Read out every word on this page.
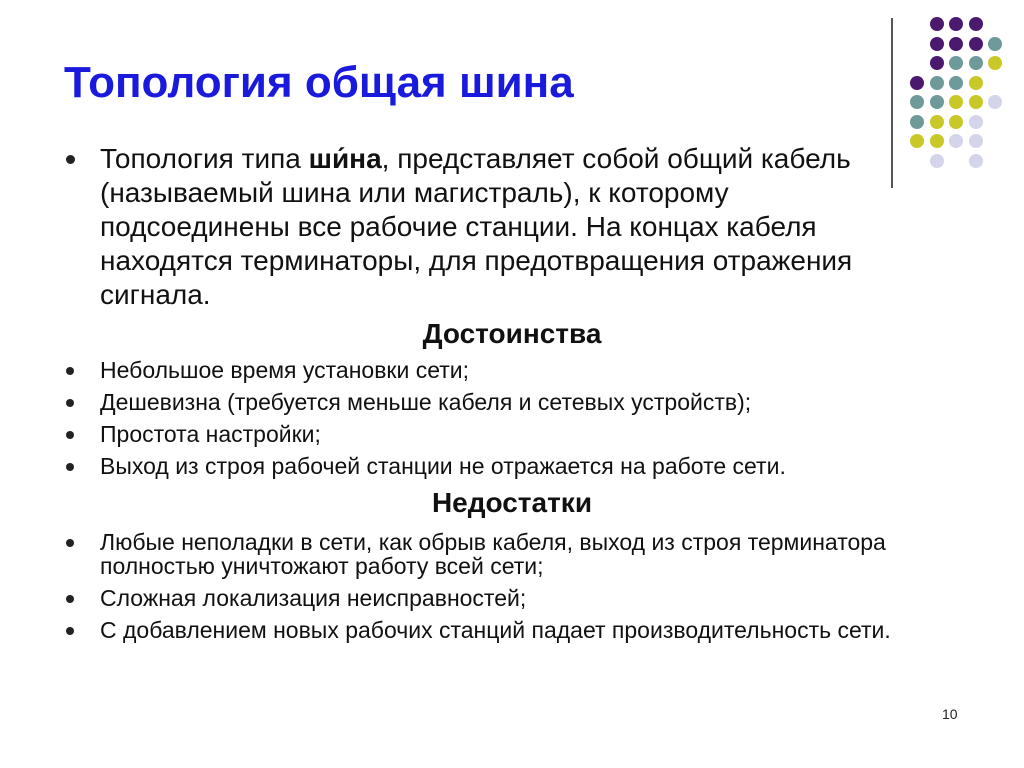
Топология общая шина
Топология типа ши́на, представляет собой общий кабель (называемый шина или магистраль), к которому подсоединены все рабочие станции. На концах кабеля находятся терминаторы, для предотвращения отражения сигнала.
Достоинства
Небольшое время установки сети;
Дешевизна (требуется меньше кабеля и сетевых устройств);
Простота настройки;
Выход из строя рабочей станции не отражается на работе сети.
Недостатки
Любые неполадки в сети, как обрыв кабеля, выход из строя терминатора полностью уничтожают работу всей сети;
Сложная локализация неисправностей;
С добавлением новых рабочих станций падает производительность сети.
10
